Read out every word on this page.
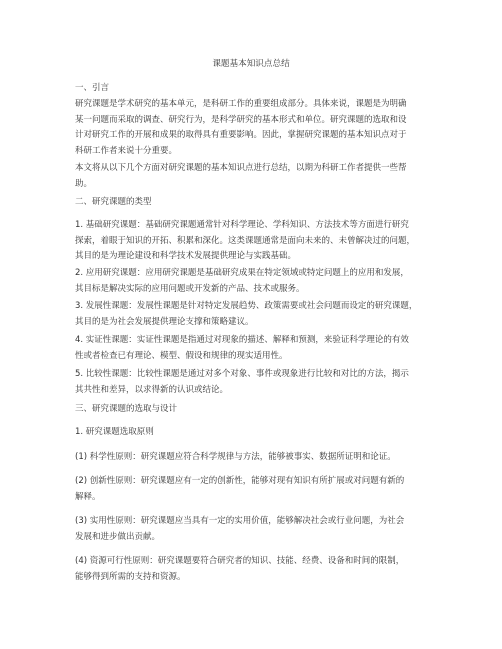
课题基本知识点总结
一、引言
研究课题是学术研究的基本单元，是科研工作的重要组成部分。具体来说，课题是为明确
某一问题而采取的调查、研究行为，是科学研究的基本形式和单位。研究课题的选取和设
计对研究工作的开展和成果的取得具有重要影响。因此，掌握研究课题的基本知识点对于
科研工作者来说十分重要。
本文将从以下几个方面对研究课题的基本知识点进行总结，以期为科研工作者提供一些帮
助。
二、研究课题的类型
1. 基础研究课题：基础研究课题通常针对科学理论、学科知识、方法技术等方面进行研究
探索，着眼于知识的开拓、积累和深化。这类课题通常是面向未来的、未曾解决过的问题，
其目的是为理论建设和科学技术发展提供理论与实践基础。
2. 应用研究课题：应用研究课题是基础研究成果在特定领域或特定问题上的应用和发展，
其目标是解决实际的应用问题或开发新的产品、技术或服务。
3. 发展性课题：发展性课题是针对特定发展趋势、政策需要或社会问题而设定的研究课题，
其目的是为社会发展提供理论支撑和策略建议。
4. 实证性课题：实证性课题是指通过对现象的描述、解释和预测，来验证科学理论的有效
性或者检查已有理论、模型、假设和规律的现实适用性。
5. 比较性课题：比较性课题是通过对多个对象、事件或现象进行比较和对比的方法，揭示
其共性和差异，以求得新的认识或结论。
三、研究课题的选取与设计
1. 研究课题选取原则
(1) 科学性原则：研究课题应符合科学规律与方法，能够被事实、数据所证明和论证。
(2) 创新性原则：研究课题应有一定的创新性，能够对现有知识有所扩展或对问题有新的
解释。
(3) 实用性原则：研究课题应当具有一定的实用价值，能够解决社会或行业问题，为社会
发展和进步做出贡献。
(4) 资源可行性原则：研究课题要符合研究者的知识、技能、经费、设备和时间的限制，
能够得到所需的支持和资源。
